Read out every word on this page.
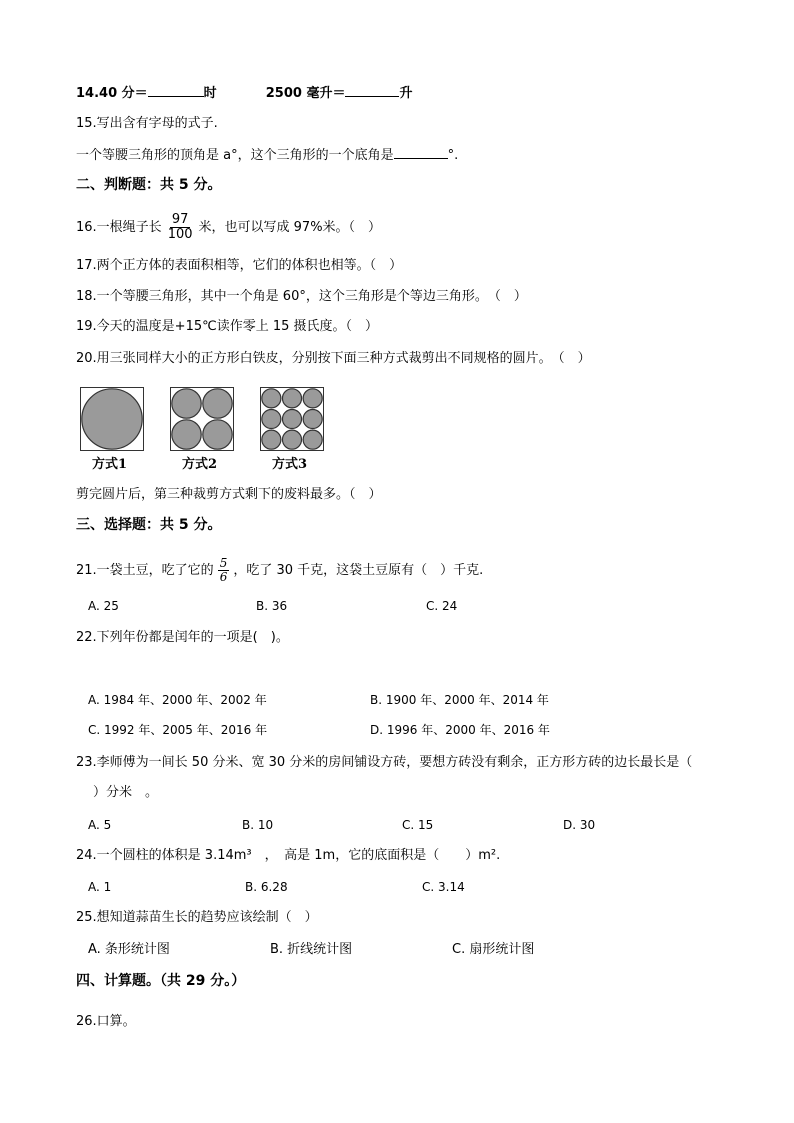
14.40 分＝	时	2500 毫升＝	升
15.写出含有字母的式子.
一个等腰三角形的顶角是 a°，这个三角形的一个底角是	°.
二、判断题：共 5 分。
16.一根绳子长 $\frac{97}{100}$ 米，也可以写成 97%米。（　）
17.两个正方体的表面积相等，它们的体积也相等。（　）
18.一个等腰三角形，其中一个角是 60°，这个三角形是个等边三角形。　（　）
19.今天的温度是+15℃读作零上 15 摄氏度。（　）
20.用三张同样大小的正方形白铁皮，分别按下面三种方式裁剪出不同规格的圆片。　（　）
方式1	方式2	方式3
剪完圆片后，第三种裁剪方式剩下的废料最多。（　）
三、选择题：共 5 分。
21.一袋土豆，吃了它的 $\frac{5}{6}$ ，吃了 30 千克，这袋土豆原有（　）千克.
A. 25	B. 36	C. 24
22.下列年份都是闰年的一项是(　)。
A. 1984 年、2000 年、2002 年	B. 1900 年、2000 年、2014 年
C. 1992 年、2005 年、2016 年	D. 1996 年、2000 年、2016 年
23.李师傅为一间长 50 分米、宽 30 分米的房间铺设方砖，要想方砖没有剩余，正方形方砖的边长最长是（
　）分米　。
A. 5	B. 10	C. 15	D. 30
24.一个圆柱的体积是 3.14m³　，　高是 1m，它的底面积是（　　）m².
A. 1	B. 6.28	C. 3.14
25.想知道蒜苗生长的趋势应该绘制（　）
A. 条形统计图	B. 折线统计图	C. 扇形统计图
四、计算题。（共 29 分。）
26.口算。
